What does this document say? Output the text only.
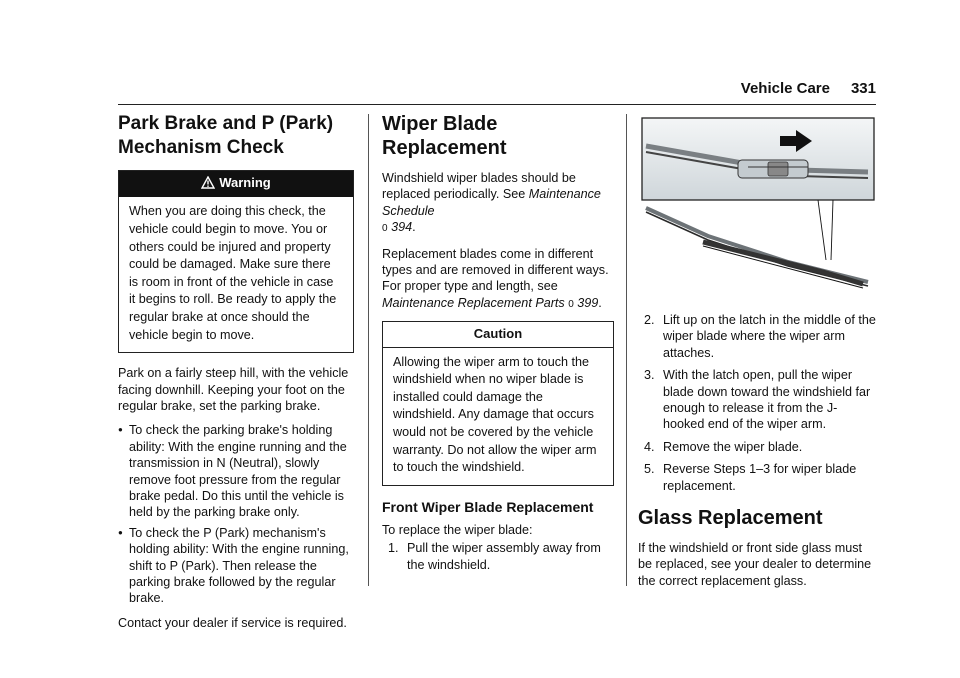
Vehicle Care 331
Park Brake and P (Park) Mechanism Check
Warning
When you are doing this check, the vehicle could begin to move. You or others could be injured and property could be damaged. Make sure there is room in front of the vehicle in case it begins to roll. Be ready to apply the regular brake at once should the vehicle begin to move.

Park on a fairly steep hill, with the vehicle facing downhill. Keeping your foot on the regular brake, set the parking brake.

● To check the parking brake's holding ability: With the engine running and the transmission in N (Neutral), slowly remove foot pressure from the regular brake pedal. Do this until the vehicle is held by the parking brake only.
● To check the P (Park) mechanism's holding ability: With the engine running, shift to P (Park). Then release the parking brake followed by the regular brake.

Contact your dealer if service is required.

Wiper Blade Replacement

Windshield wiper blades should be replaced periodically. See Maintenance Schedule
0 394.

Replacement blades come in different types and are removed in different ways. For proper type and length, see Maintenance Replacement Parts 0 399.

Caution
Allowing the wiper arm to touch the windshield when no wiper blade is installed could damage the windshield. Any damage that occurs would not be covered by the vehicle warranty. Do not allow the wiper arm to touch the windshield.
Front Wiper Blade Replacement

To replace the wiper blade:

1. Pull the wiper assembly away from the windshield.
2. Lift up on the latch in the middle of the wiper blade where the wiper arm attaches.
3. With the latch open, pull the wiper blade down toward the windshield far enough to release it from the J-hooked end of the wiper arm.
4. Remove the wiper blade.
5. Reverse Steps 1–3 for wiper blade replacement.
Glass Replacement

If the windshield or front side glass must be replaced, see your dealer to determine the correct replacement glass.
